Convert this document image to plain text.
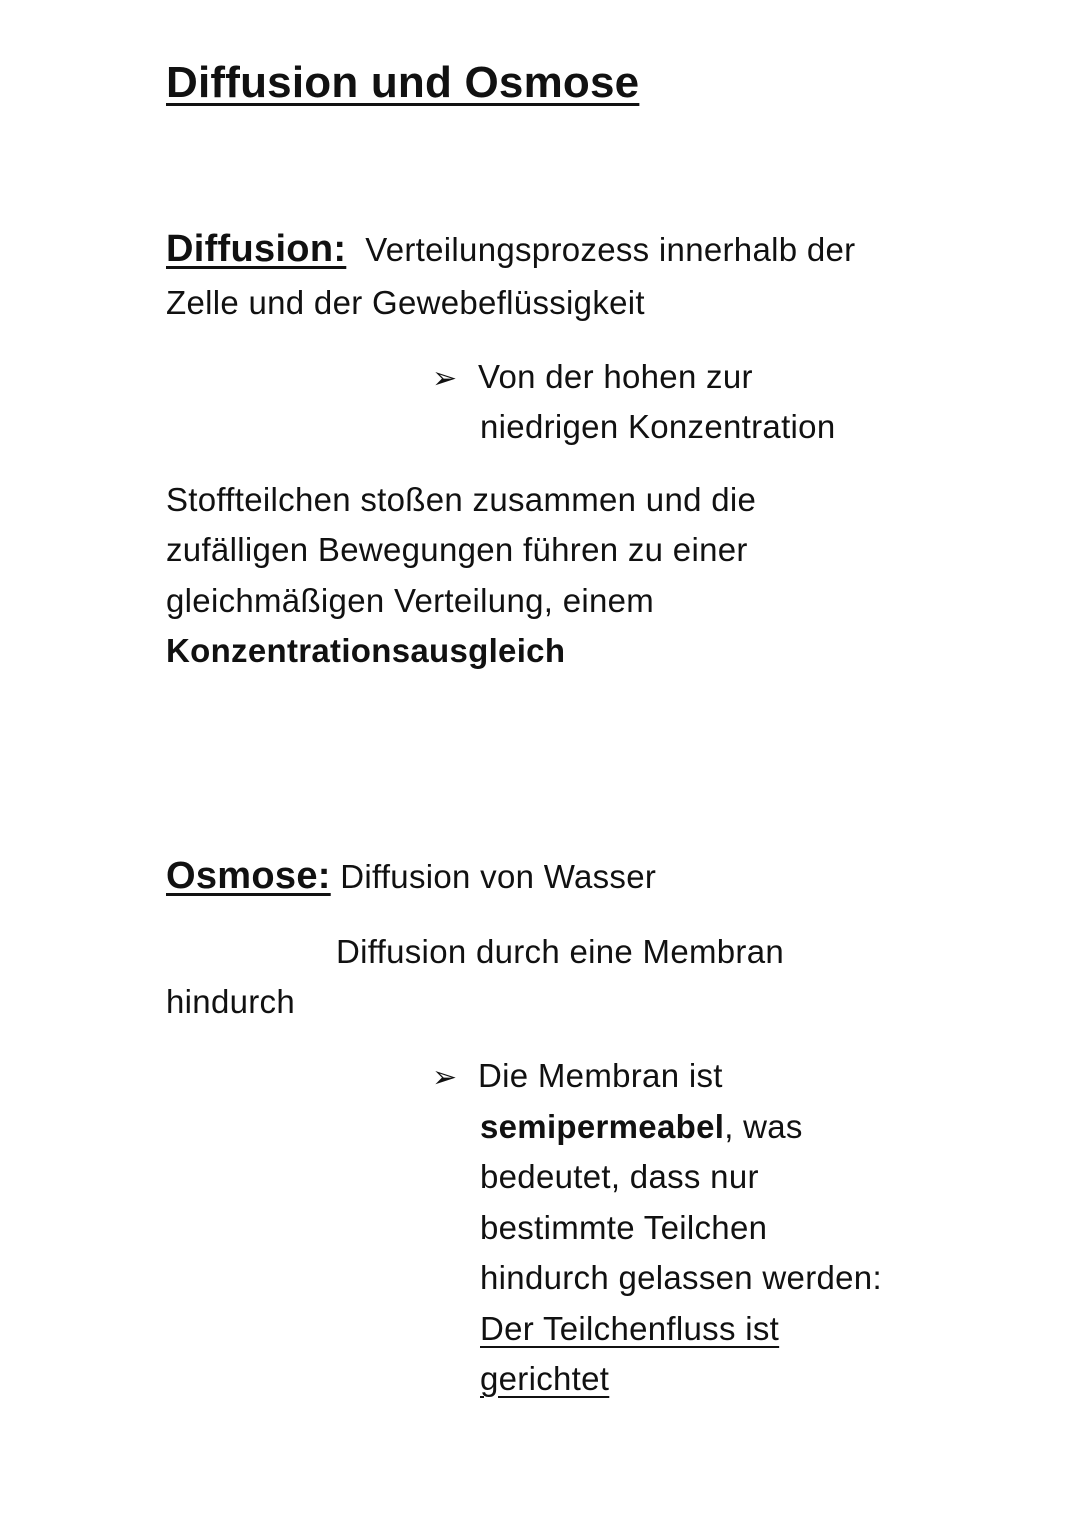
Diffusion und Osmose
Diffusion: Verteilungsprozess innerhalb der
Zelle und der Gewebeflüssigkeit
➢ Von der hohen zur
niedrigen Konzentration
Stoffteilchen stoßen zusammen und die
zufälligen Bewegungen führen zu einer
gleichmäßigen Verteilung, einem
Konzentrationsausgleich
Osmose: Diffusion von Wasser
Diffusion durch eine Membran
hindurch
➢ Die Membran ist
semipermeabel, was
bedeutet, dass nur
bestimmte Teilchen
hindurch gelassen werden:
Der Teilchenfluss ist
gerichtet
